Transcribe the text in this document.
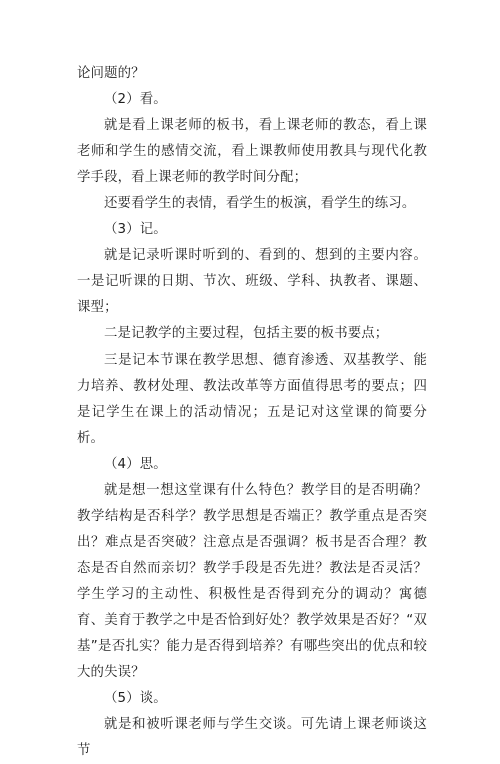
论问题的？

（2）看。

就是看上课老师的板书，看上课老师的教态，看上课老师和学生的感情交流，看上课教师使用教具与现代化教学手段，看上课老师的教学时间分配；

还要看学生的表情，看学生的板演，看学生的练习。

（3）记。

就是记录听课时听到的、看到的、想到的主要内容。一是记听课的日期、节次、班级、学科、执教者、课题、课型；

二是记教学的主要过程，包括主要的板书要点；

三是记本节课在教学思想、德育渗透、双基教学、能力培养、教材处理、教法改革等方面值得思考的要点；四是记学生在课上的活动情况；五是记对这堂课的简要分析。

（4）思。

就是想一想这堂课有什么特色？教学目的是否明确？教学结构是否科学？教学思想是否端正？教学重点是否突出？难点是否突破？注意点是否强调？板书是否合理？教态是否自然而亲切？教学手段是否先进？教法是否灵活？学生学习的主动性、积极性是否得到充分的调动？寓德育、美育于教学之中是否恰到好处？教学效果是否好？“双基”是否扎实？能力是否得到培养？有哪些突出的优点和较大的失误？

（5）谈。

就是和被听课老师与学生交谈。可先请上课老师谈这节
